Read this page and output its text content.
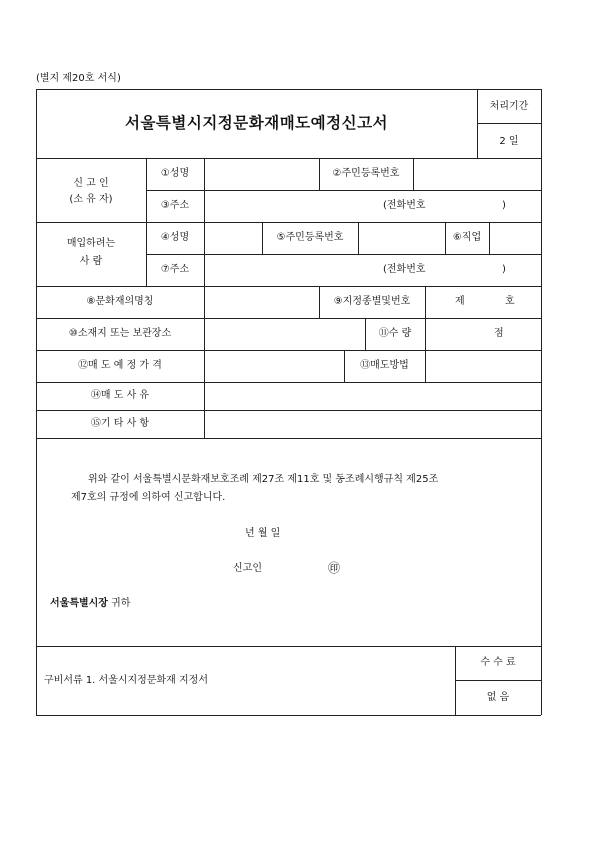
(별지 제20호 서식)
서울특별시지정문화재매도예정신고서
처리기간
2 일
신 고 인
(소 유 자)
①성명	②주민등록번호
③주소	(전화번호	)
매입하려는
사 람
④성명	⑤주민등록번호	⑥직업
⑦주소	(전화번호	)
⑧문화재의명칭	⑨지정종별및번호	제	호
⑩소재지 또는 보관장소	⑪수 량	점
⑫매 도 예 정 가 격	⑬매도방법
⑭매 도 사 유
⑮기 타 사 항
위와 같이 서울특별시문화재보호조례 제27조 제11호 및 동조례시행규칙 제25조
제7호의 규정에 의하여 신고합니다.
년 월 일
신고인	㊞
서울특별시장 귀하
구비서류 1. 서울시지정문화재 지정서
수 수 료
없 음
